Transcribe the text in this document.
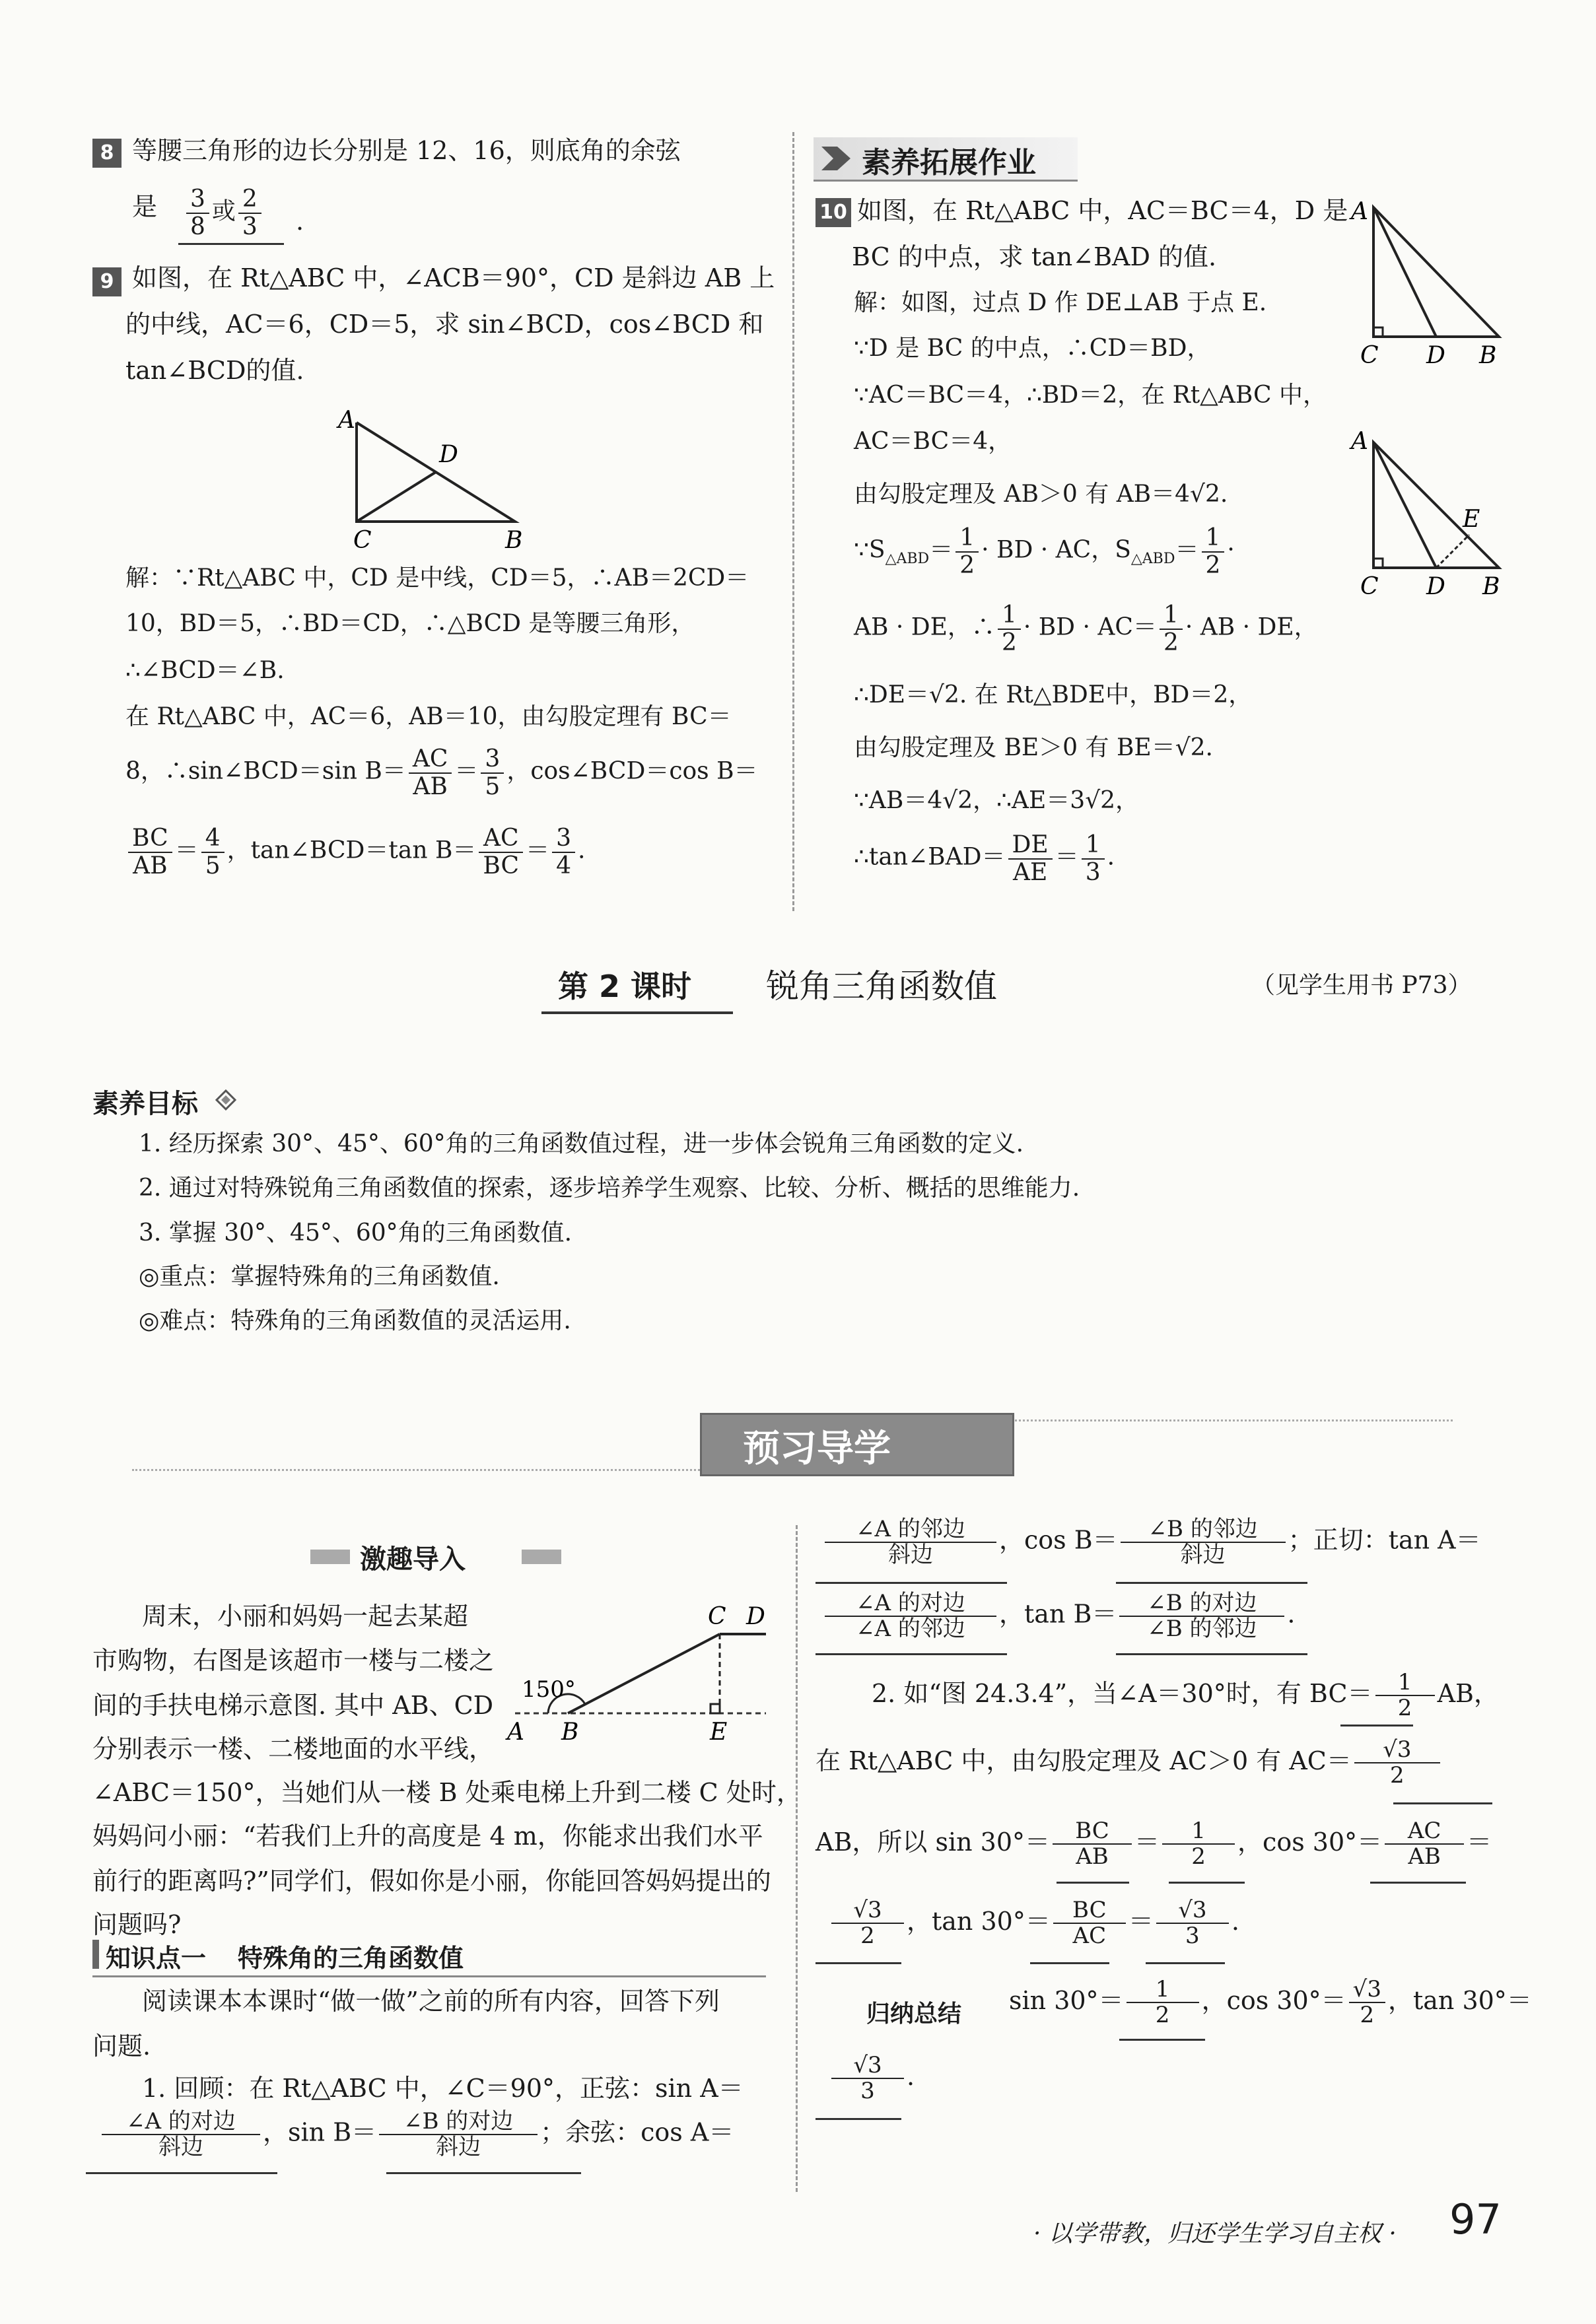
8 等腰三角形的边长分别是 12、16，则底角的余弦
是 $\frac{3}{8}$ 或 $\frac{2}{3}$ .
9 如图，在 Rt△ABC 中，∠ACB＝90°，CD 是斜边 AB 上
的中线，AC＝6，CD＝5，求 sin∠BCD，cos∠BCD 和
tan∠BCD的值.
A
D
C	B
解：∵Rt△ABC 中，CD 是中线，CD＝5，∴AB＝2CD＝
10，BD＝5，∴BD＝CD，∴△BCD 是等腰三角形，
∴∠BCD＝∠B.
在 Rt△ABC 中，AC＝6，AB＝10，由勾股定理有 BC＝
8，∴sin∠BCD＝sin $B= \frac{AC}{AB} = \frac{3}{5}$ ，cos∠BCD＝cos B＝
$\frac{BC}{AB} = \frac{4}{5}$ ，tan∠BCD＝tan $B= \frac{AC}{BC} = \frac{3}{4}$ .
素养拓展作业
10 如图，在 Rt△ABC 中，AC＝BC＝4，D 是
BC 的中点，求 tan∠BAD 的值.
A
C D B
解：如图，过点 D 作 DE⊥AB 于点 E.
∵D 是 BC 的中点，∴CD＝BD，
∵AC＝BC＝4，∴BD＝2，在 Rt△ABC 中，
AC＝BC＝4，	A
C D B
E
由勾股定理及 AB＞0 有 AB＝4√2.
$\because S_{\triangle ABD}= \frac{1}{2}$ · BD · AC，$S_{\triangle ABD}= \frac{1}{2}$ ·
AB · DE，∴ $\frac{1}{2}$ · BD · $AC= \frac{1}{2}$ · AB · DE，
∴DE＝√2. 在 Rt△BDE中，BD＝2，
由勾股定理及 BE＞0 有 BE＝√2.
∵AB＝4√2，∴AE＝3√2，
∴tan∠BAD＝ $\frac{DE}{AE} = \frac{1}{3}$ .
第 2 课时 锐角三角函数值	（见学生用书 P73）
素养目标
1. 经历探索 30°、45°、60°角的三角函数值过程，进一步体会锐角三角函数的定义.
2. 通过对特殊锐角三角函数值的探索，逐步培养学生观察、比较、分析、概括的思维能力.
3. 掌握 30°、45°、60°角的三角函数值.
◎重点：掌握特殊角的三角函数值.
◎难点：特殊角的三角函数值的灵活运用.
预习导学
激趣导入
周末，小丽和妈妈一起去某超
市购物，右图是该超市一楼与二楼之
间的手扶电梯示意图. 其中 AB、CD
分别表示一楼、二楼地面的水平线，
150°
A B
C D
E
∠ABC＝150°，当她们从一楼 B 处乘电梯上升到二楼 C 处时，
妈妈问小丽：“若我们上升的高度是 4 m，你能求出我们水平
前行的距离吗?”同学们，假如你是小丽，你能回答妈妈提出的
问题吗?
知识点一 特殊角的三角函数值
阅读课本本课时“做一做”之前的所有内容，回答下列
问题.
1. 回顾：在 Rt△ABC 中，∠C＝90°，正弦：sin A＝
$\frac{\text{∠A 的对边}}{\text{斜边}}$ ，$\sin B= \frac{\text{∠B 的对边}}{\text{斜边}}$ ；余弦：cos A＝
$\frac{\text{∠A 的邻边}}{\text{斜边}}$ ，$\cos B= \frac{\text{∠B 的邻边}}{\text{斜边}}$ ；正切：tan A＝
$\frac{\text{∠A 的对边}}{\text{∠A 的邻边}}$ ，$\tan B= \frac{\text{∠B 的对边}}{\text{∠B 的邻边}}$ .
2. 如“图 24.3.4”，当∠A＝30°时，有 $BC= \frac{1}{2}$ AB，
在 Rt△ABC 中，由勾股定理及 AC＞0 有 $AC= \frac{√3}{2}$
AB，所以 $\sin 30^\circ= \frac{BC}{AB} = \frac{1}{2}$ ，$\cos 30^\circ= \frac{AC}{AB}$ ＝
$\frac{√3}{2}$ ，$\tan 30^\circ= \frac{BC}{AC} = \frac{√3}{3}$ .
归纳总结 $\sin 30^\circ= \frac{1}{2}$ ，$\cos 30^\circ= \frac{√3}{2}$ ，tan 30°＝
$\frac{√3}{3}$ .
· 以学带教，归还学生学习自主权 · 97
